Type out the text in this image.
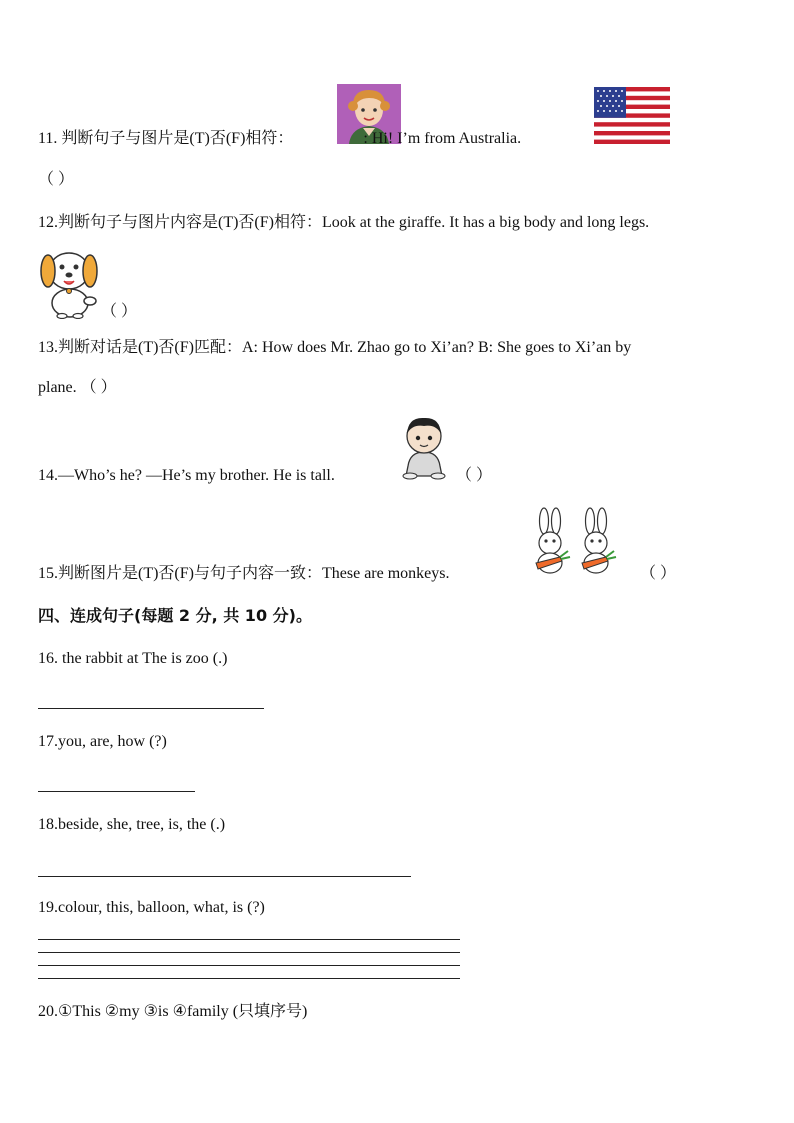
11. 判断句子与图片是(T)否(F)相符：	: Hi! I’m from Australia.
（ ）
12.判断句子与图片内容是(T)否(F)相符：Look at the giraffe. It has a big body and long legs.
（ ）
13.判断对话是(T)否(F)匹配：A: How does Mr. Zhao go to Xi’an? B: She goes to Xi’an by
plane. （ ）
14.—Who’s he? —He’s my brother. He is tall.	（ ）
15.判断图片是(T)否(F)与句子内容一致：These are monkeys.	（ ）
四、连成句子(每题 2 分, 共 10 分)。
16. the rabbit at The is zoo (.)
17.you, are, how (?)
18.beside, she, tree, is, the (.)
19.colour, this, balloon, what, is (?)
20.①This ②my ③is ④family (只填序号)
